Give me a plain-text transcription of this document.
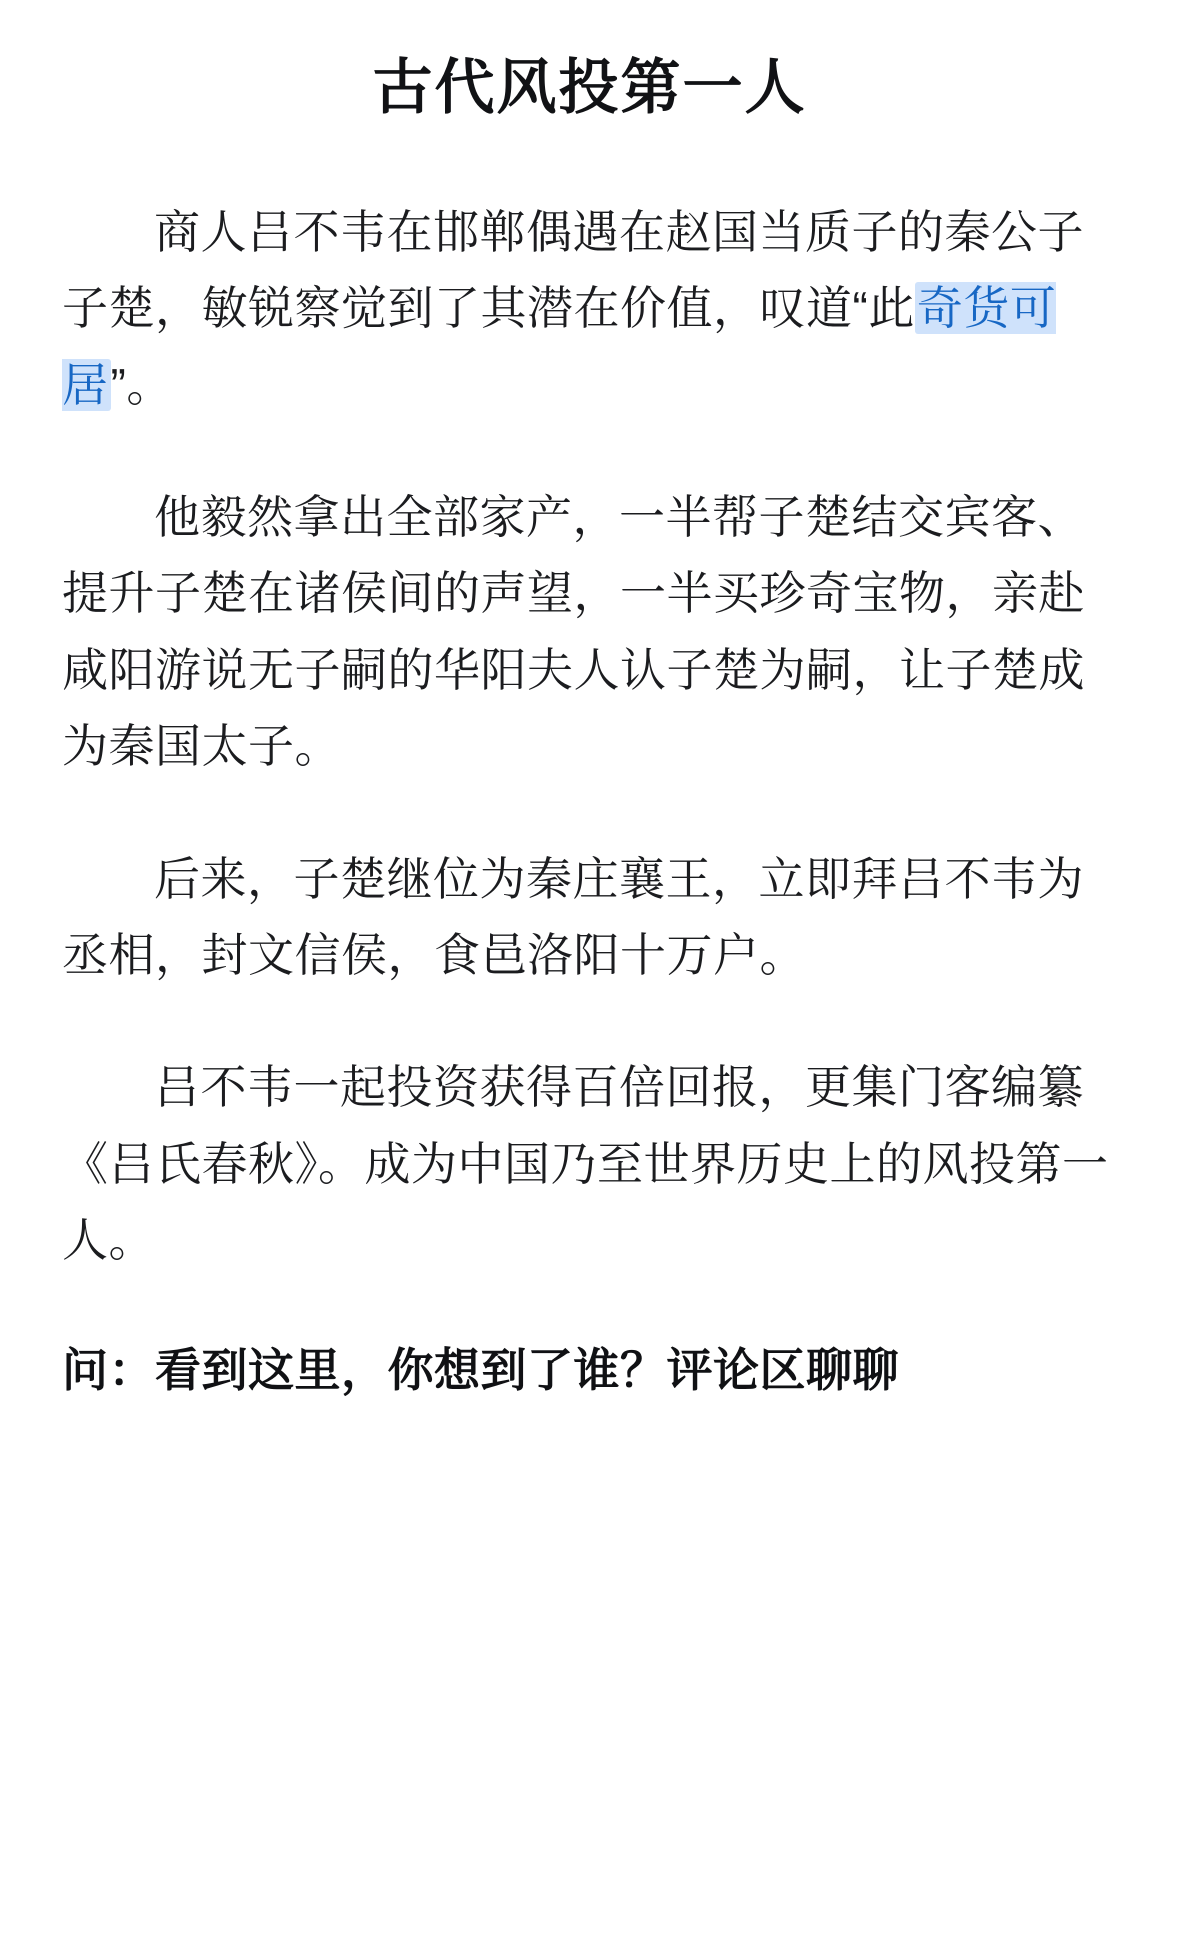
古代风投第一人

商人吕不韦在邯郸偶遇在赵国当质子的秦公子子楚，敏锐察觉到了其潜在价值，叹道“此奇货可居”。

他毅然拿出全部家产，一半帮子楚结交宾客、提升子楚在诸侯间的声望，一半买珍奇宝物，亲赴咸阳游说无子嗣的华阳夫人认子楚为嗣，让子楚成为秦国太子。

后来，子楚继位为秦庄襄王，立即拜吕不韦为丞相，封文信侯，食邑洛阳十万户。

吕不韦一起投资获得百倍回报，更集门客编纂《吕氏春秋》。成为中国乃至世界历史上的风投第一人。

问：看到这里，你想到了谁？评论区聊聊
